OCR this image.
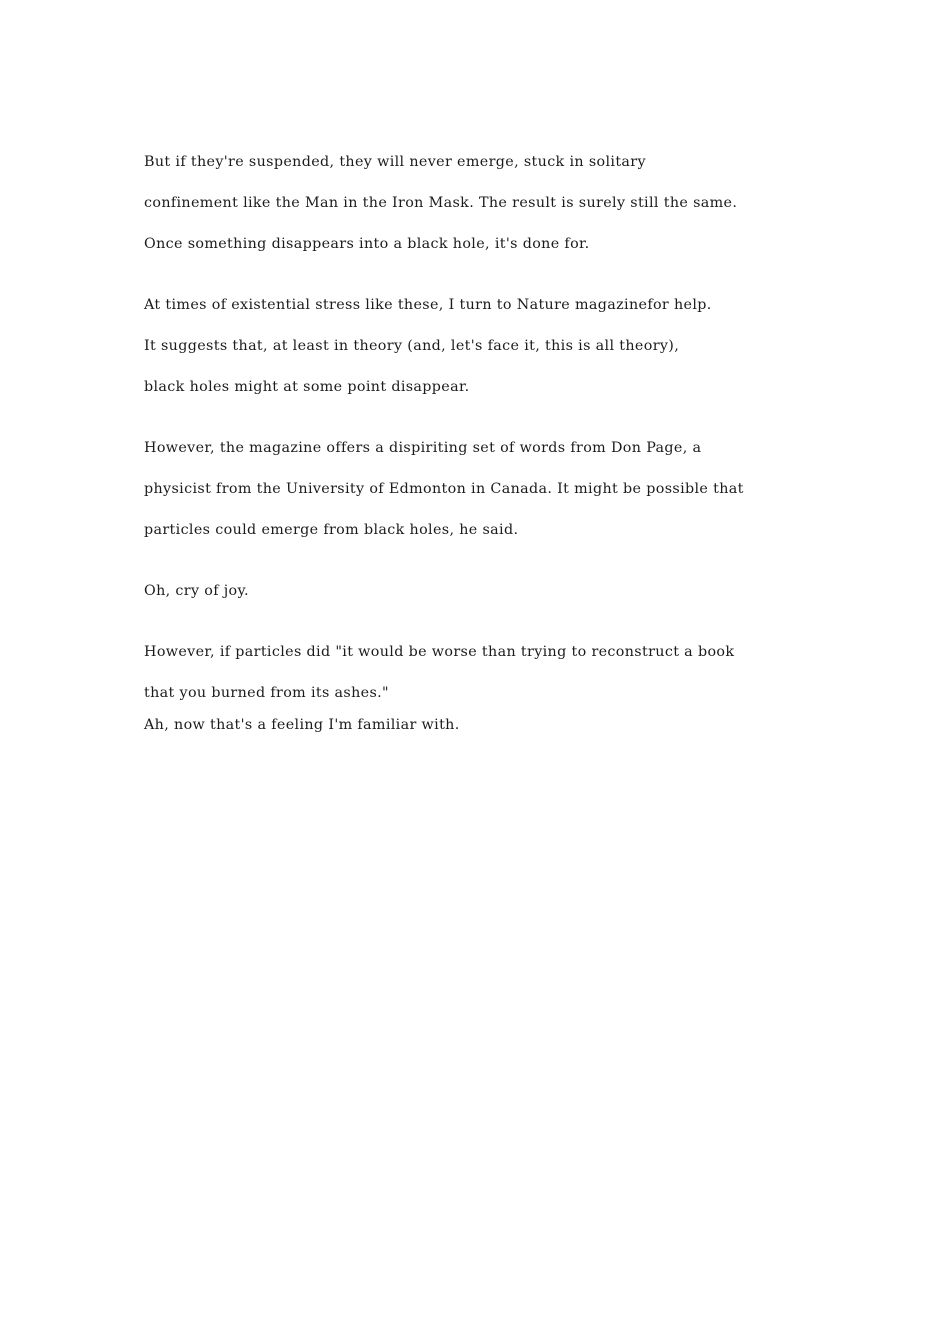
But if they're suspended, they will never emerge, stuck in solitary
confinement like the Man in the Iron Mask. The result is surely still the same.
Once something disappears into a black hole, it's done for.
At times of existential stress like these, I turn to Nature magazinefor help.
It suggests that, at least in theory (and, let's face it, this is all theory),
black holes might at some point disappear.
However, the magazine offers a dispiriting set of words from Don Page, a
physicist from the University of Edmonton in Canada. It might be possible that
particles could emerge from black holes, he said.
Oh, cry of joy.
However, if particles did "it would be worse than trying to reconstruct a book
that you burned from its ashes."
Ah, now that's a feeling I'm familiar with.
